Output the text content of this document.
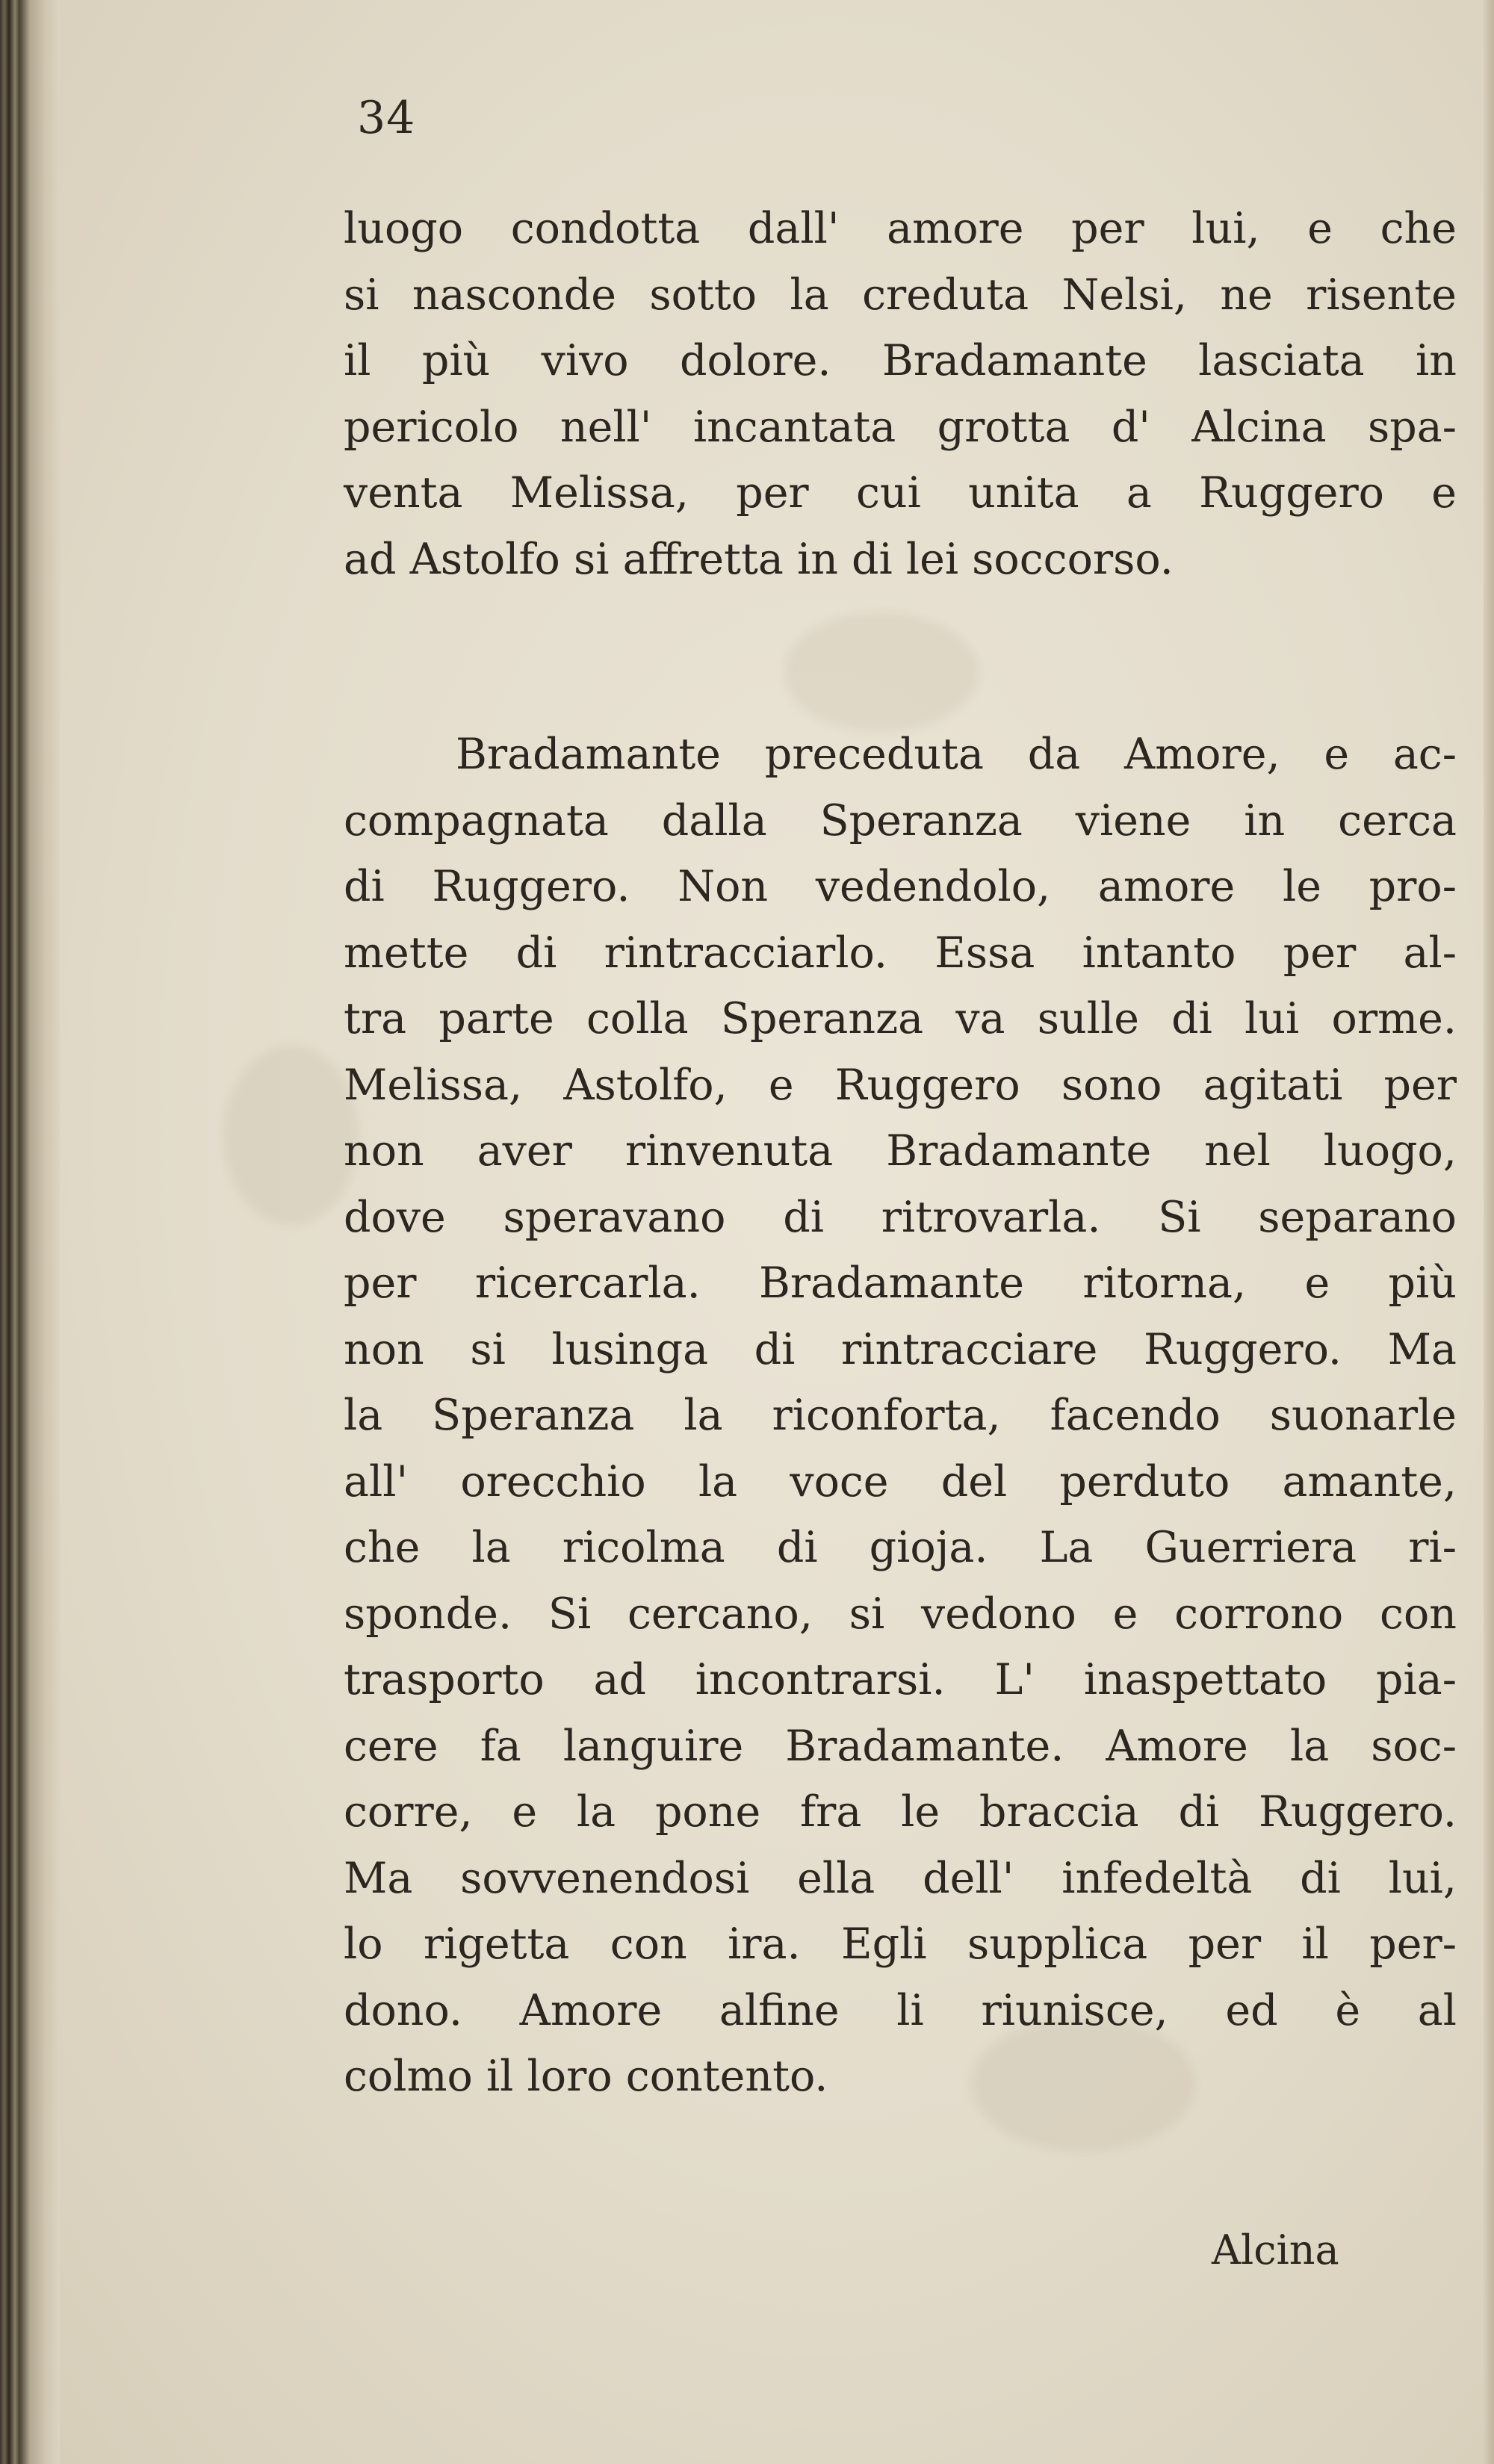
34
luogo condotta dall' amore per lui, e che
si nasconde sotto la creduta Nelsi, ne risente
il più vivo dolore. Bradamante lasciata in
pericolo nell' incantata grotta d' Alcina spa-
venta Melissa, per cui unita a Ruggero e
ad Astolfo si affretta in di lei soccorso.
Bradamante preceduta da Amore, e ac-
compagnata dalla Speranza viene in cerca
di Ruggero. Non vedendolo, amore le pro-
mette di rintracciarlo. Essa intanto per al-
tra parte colla Speranza va sulle di lui orme.
Melissa, Astolfo, e Ruggero sono agitati per
non aver rinvenuta Bradamante nel luogo,
dove speravano di ritrovarla. Si separano
per ricercarla. Bradamante ritorna, e più
non si lusinga di rintracciare Ruggero. Ma
la Speranza la riconforta, facendo suonarle
all' orecchio la voce del perduto amante,
che la ricolma di gioja. La Guerriera ri-
sponde. Si cercano, si vedono e corrono con
trasporto ad incontrarsi. L' inaspettato pia-
cere fa languire Bradamante. Amore la soc-
corre, e la pone fra le braccia di Ruggero.
Ma sovvenendosi ella dell' infedeltà di lui,
lo rigetta con ira. Egli supplica per il per-
dono. Amore alfine li riunisce, ed è al
colmo il loro contento.
Alcina
